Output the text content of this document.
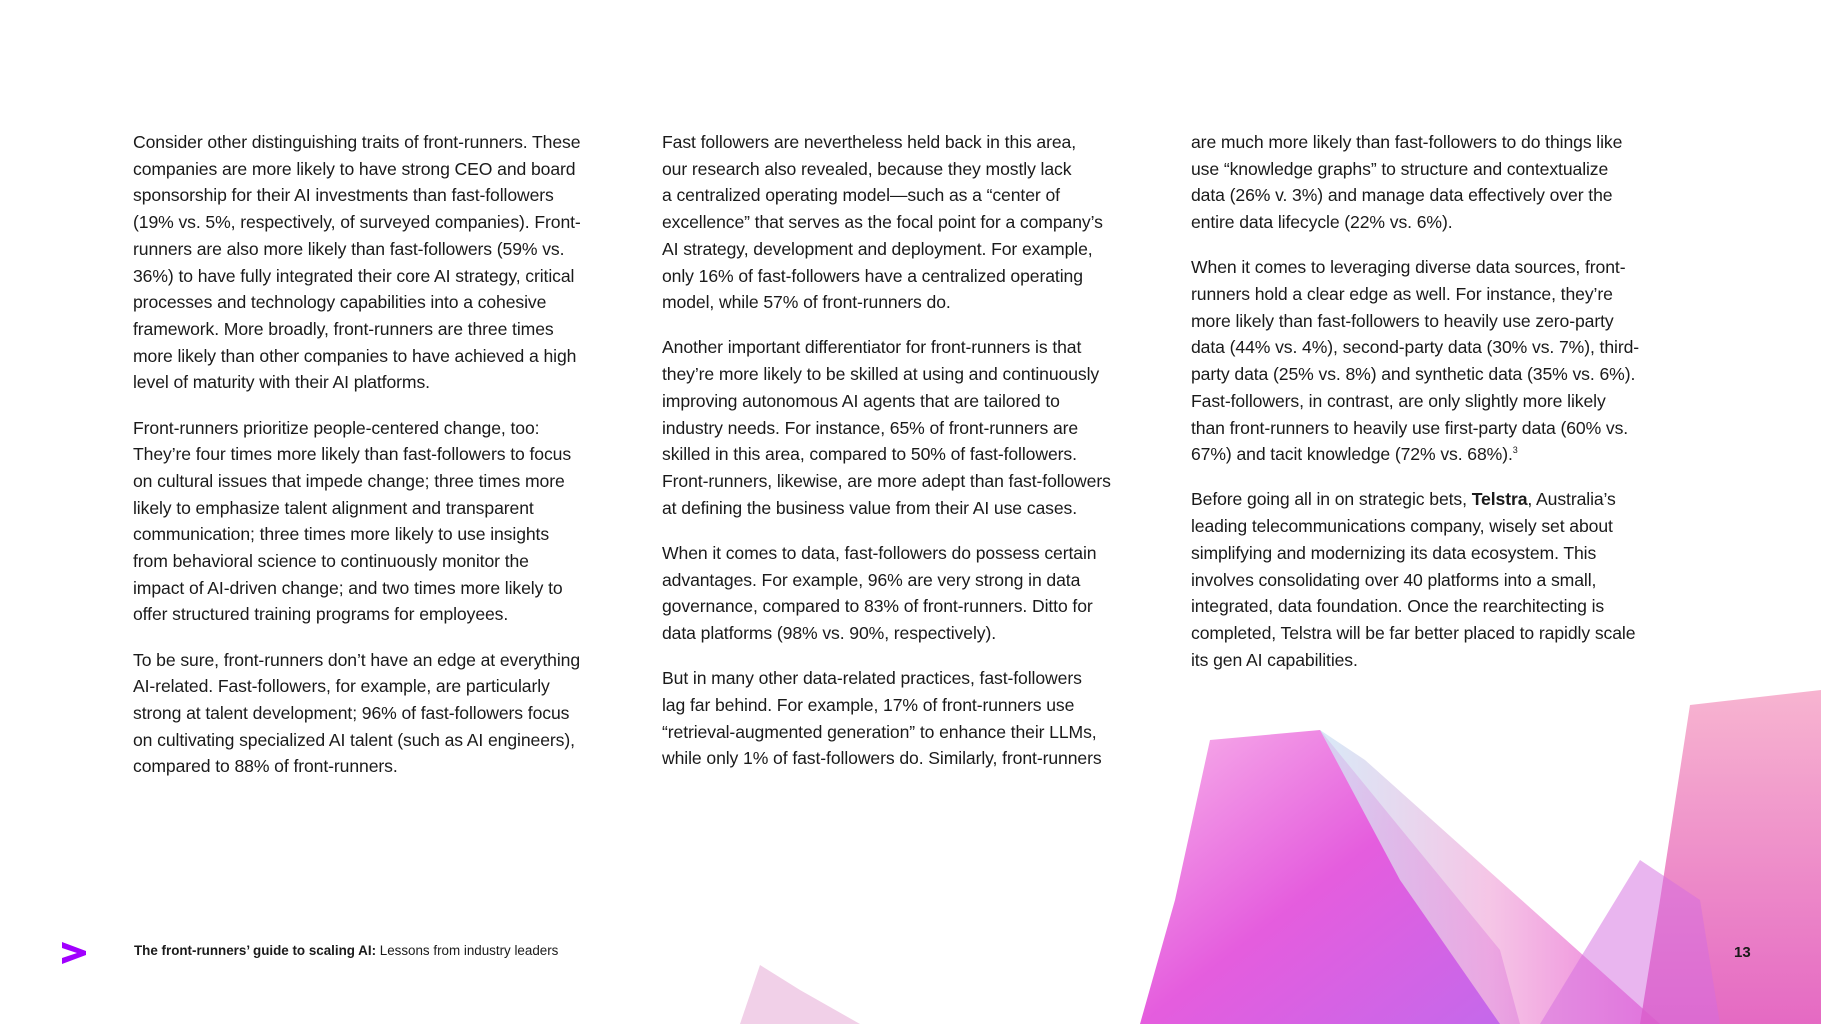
Consider other distinguishing traits of front-runners. These
companies are more likely to have strong CEO and board
sponsorship for their AI investments than fast-followers
(19% vs. 5%, respectively, of surveyed companies). Front-
runners are also more likely than fast-followers (59% vs.
36%) to have fully integrated their core AI strategy, critical
processes and technology capabilities into a cohesive
framework. More broadly, front-runners are three times
more likely than other companies to have achieved a high
level of maturity with their AI platforms.

Front-runners prioritize people-centered change, too:
They’re four times more likely than fast-followers to focus
on cultural issues that impede change; three times more
likely to emphasize talent alignment and transparent
communication; three times more likely to use insights
from behavioral science to continuously monitor the
impact of AI-driven change; and two times more likely to
offer structured training programs for employees.

To be sure, front-runners don’t have an edge at everything
AI-related. Fast-followers, for example, are particularly
strong at talent development; 96% of fast-followers focus
on cultivating specialized AI talent (such as AI engineers),
compared to 88% of front-runners.

Fast followers are nevertheless held back in this area,
our research also revealed, because they mostly lack
a centralized operating model—such as a “center of
excellence” that serves as the focal point for a company’s
AI strategy, development and deployment. For example,
only 16% of fast-followers have a centralized operating
model, while 57% of front-runners do.

Another important differentiator for front-runners is that
they’re more likely to be skilled at using and continuously
improving autonomous AI agents that are tailored to
industry needs. For instance, 65% of front-runners are
skilled in this area, compared to 50% of fast-followers.
Front-runners, likewise, are more adept than fast-followers
at defining the business value from their AI use cases.

When it comes to data, fast-followers do possess certain
advantages. For example, 96% are very strong in data
governance, compared to 83% of front-runners. Ditto for
data platforms (98% vs. 90%, respectively).

But in many other data-related practices, fast-followers
lag far behind. For example, 17% of front-runners use
“retrieval-augmented generation” to enhance their LLMs,
while only 1% of fast-followers do. Similarly, front-runners

are much more likely than fast-followers to do things like
use “knowledge graphs” to structure and contextualize
data (26% v. 3%) and manage data effectively over the
entire data lifecycle (22% vs. 6%).

When it comes to leveraging diverse data sources, front-
runners hold a clear edge as well. For instance, they’re
more likely than fast-followers to heavily use zero-party
data (44% vs. 4%), second-party data (30% vs. 7%), third-
party data (25% vs. 8%) and synthetic data (35% vs. 6%).
Fast-followers, in contrast, are only slightly more likely
than front-runners to heavily use first-party data (60% vs.
67%) and tacit knowledge (72% vs. 68%).$^3$

Before going all in on strategic bets, Telstra, Australia’s
leading telecommunications company, wisely set about
simplifying and modernizing its data ecosystem. This
involves consolidating over 40 platforms into a small,
integrated, data foundation. Once the rearchitecting is
completed, Telstra will be far better placed to rapidly scale
its gen AI capabilities.

The front-runners’ guide to scaling AI: Lessons from industry leaders	13
